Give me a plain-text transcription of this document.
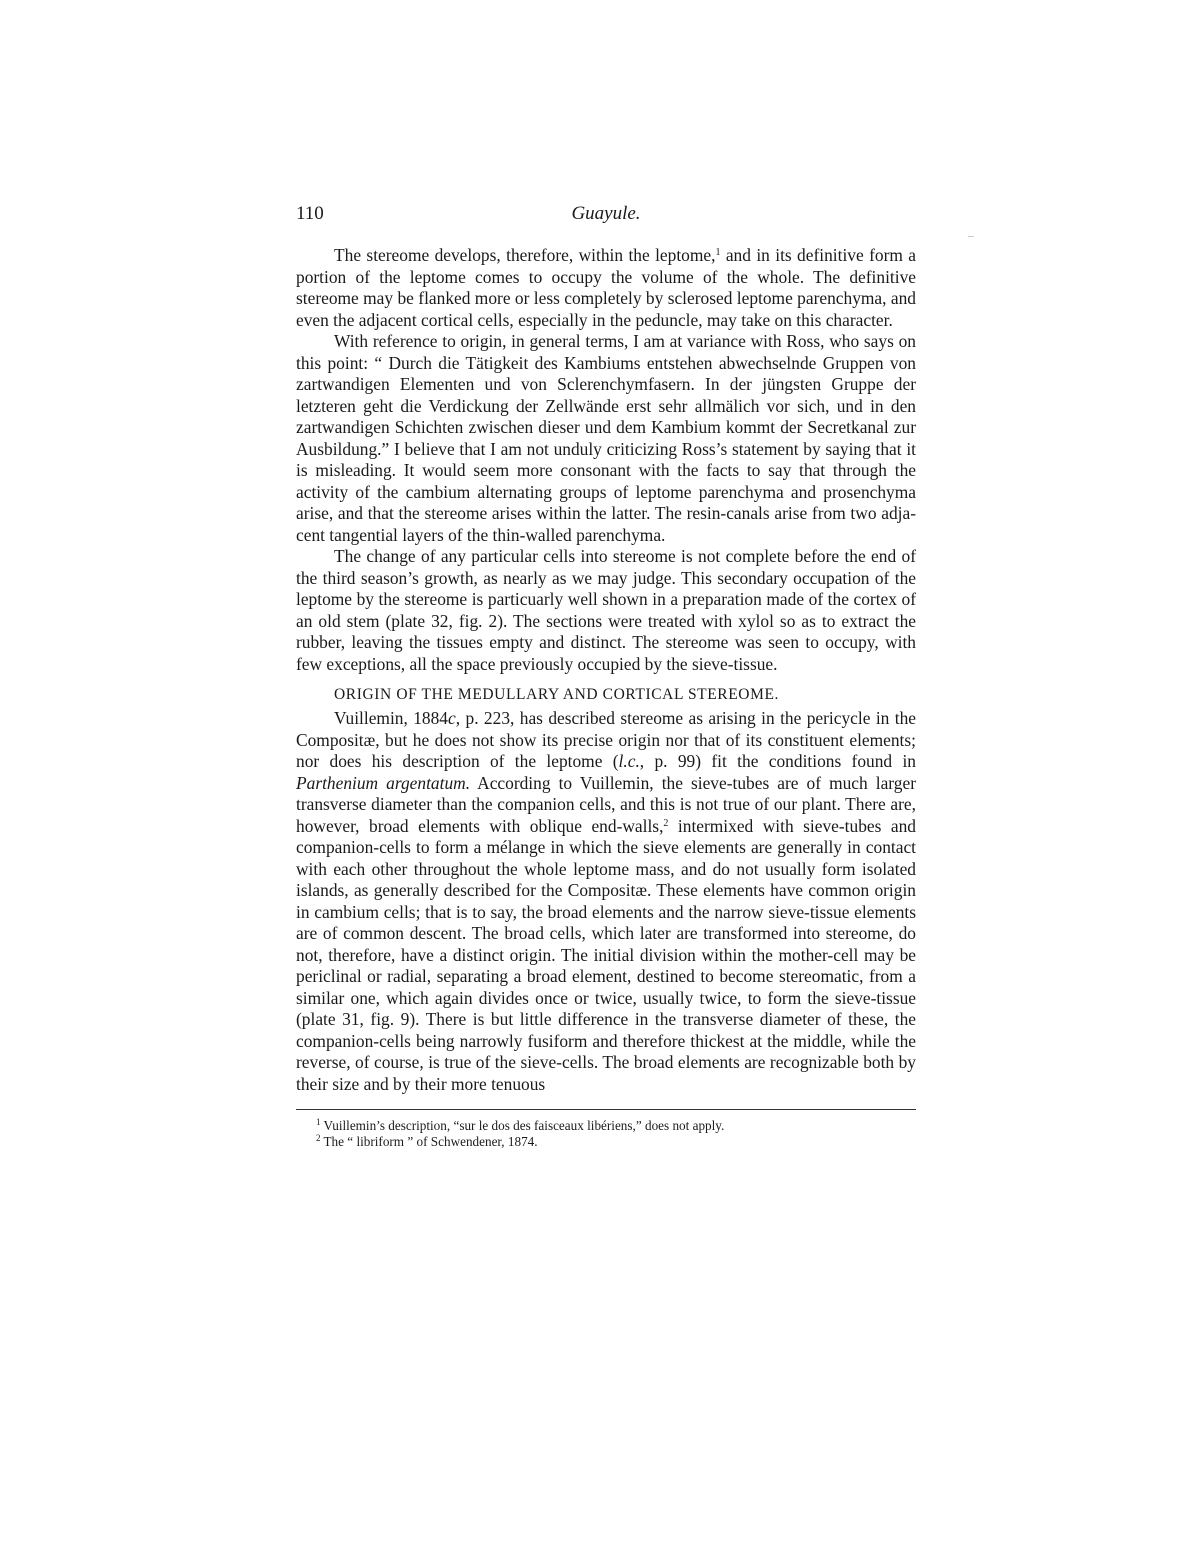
110	Guayule.

The stereome develops, therefore, within the leptome,$^1$ and in its definitive form a portion of the leptome comes to occupy the volume of the whole. The definitive stereome may be flanked more or less completely by sclerosed leptome parenchyma, and even the adjacent cortical cells, especially in the peduncle, may take on this character.

With reference to origin, in general terms, I am at variance with Ross, who says on this point: “ Durch die Tätigkeit des Kambiums entstehen abwechselnde Gruppen von zartwandigen Elementen und von Sclerenchymfasern. In der jüngsten Gruppe der letzteren geht die Verdickung der Zellwände erst sehr allmälich vor sich, und in den zartwandigen Schichten zwischen dieser und dem Kambium kommt der Secretkanal zur Ausbildung.” I believe that I am not unduly criticizing Ross’s statement by saying that it is misleading. It would seem more consonant with the facts to say that through the activity of the cambium alternating groups of leptome parenchyma and prosenchyma arise, and that the stereome arises within the latter. The resin-canals arise from two adjacent tangential layers of the thin-walled parenchyma.

The change of any particular cells into stereome is not complete before the end of the third season’s growth, as nearly as we may judge. This secondary occupation of the leptome by the stereome is particuarly well shown in a preparation made of the cortex of an old stem (plate 32, fig. 2). The sections were treated with xylol so as to extract the rubber, leaving the tissues empty and distinct. The stereome was seen to occupy, with few exceptions, all the space previously occupied by the sieve-tissue.

ORIGIN OF THE MEDULLARY AND CORTICAL STEREOME.

Vuillemin, 1884c, p. 223, has described stereome as arising in the pericycle in the Compositæ, but he does not show its precise origin nor that of its constituent elements; nor does his description of the leptome (l.c., p. 99) fit the conditions found in Parthenium argentatum. According to Vuillemin, the sieve-tubes are of much larger transverse diameter than the companion cells, and this is not true of our plant. There are, however, broad elements with oblique end-walls,$^2$ intermixed with sieve-tubes and companion-cells to form a mélange in which the sieve elements are generally in contact with each other throughout the whole leptome mass, and do not usually form isolated islands, as generally described for the Compositæ. These elements have common origin in cambium cells; that is to say, the broad elements and the narrow sieve-tissue elements are of common descent. The broad cells, which later are transformed into stereome, do not, therefore, have a distinct origin. The initial division within the mother-cell may be periclinal or radial, separating a broad element, destined to become stereomatic, from a similar one, which again divides once or twice, usually twice, to form the sieve-tissue (plate 31, fig. 9). There is but little difference in the transverse diameter of these, the companion-cells being narrowly fusiform and therefore thickest at the middle, while the reverse, of course, is true of the sieve-cells. The broad elements are recognizable both by their size and by their more tenuous

$^1$ Vuillemin’s description, “sur le dos des faisceaux libériens,” does not apply.
$^2$ The “ libriform ” of Schwendener, 1874.
